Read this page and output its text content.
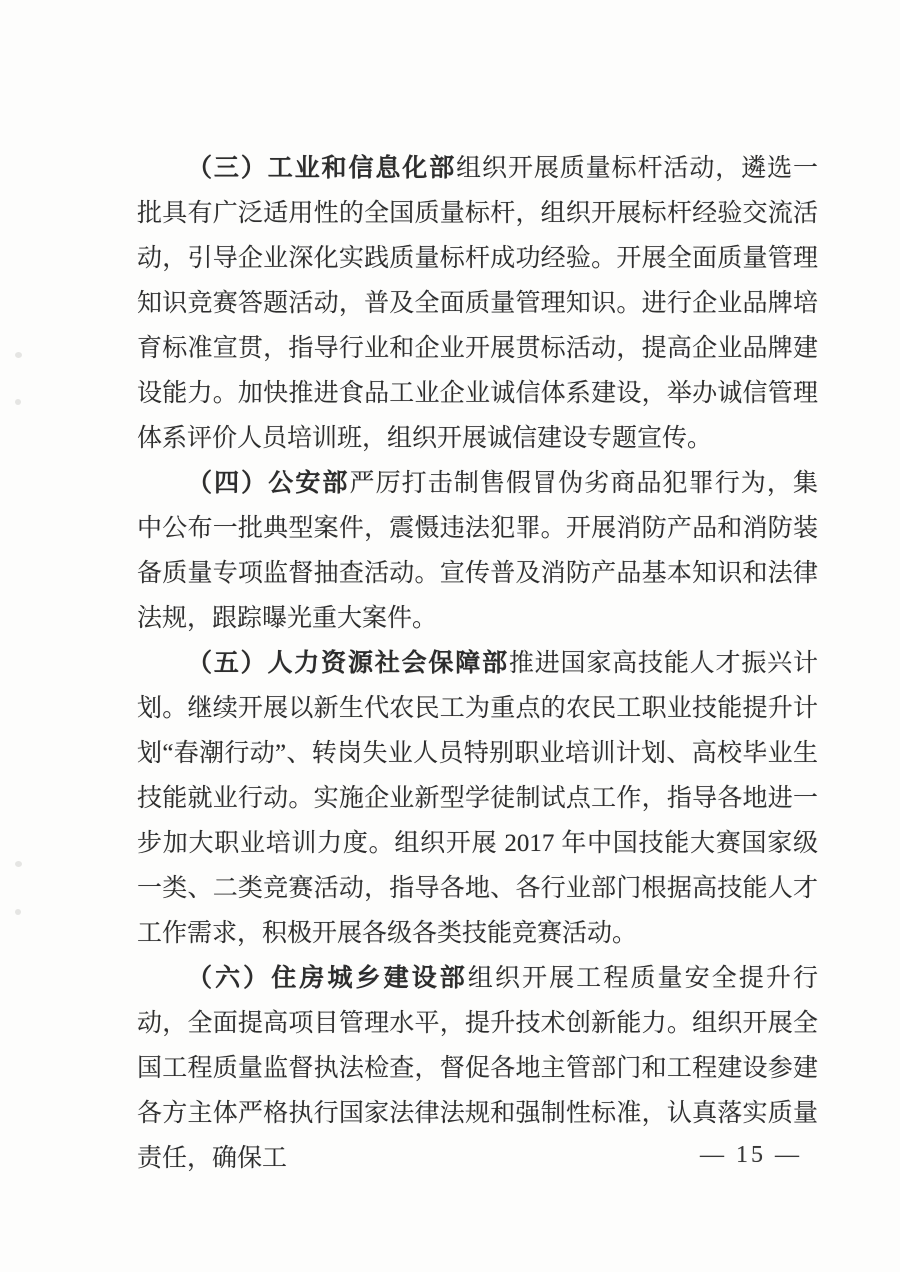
（三）工业和信息化部组织开展质量标杆活动，遴选一批具有广泛适用性的全国质量标杆，组织开展标杆经验交流活动，引导企业深化实践质量标杆成功经验。开展全面质量管理知识竞赛答题活动，普及全面质量管理知识。进行企业品牌培育标准宣贯，指导行业和企业开展贯标活动，提高企业品牌建设能力。加快推进食品工业企业诚信体系建设，举办诚信管理体系评价人员培训班，组织开展诚信建设专题宣传。

（四）公安部严厉打击制售假冒伪劣商品犯罪行为，集中公布一批典型案件，震慑违法犯罪。开展消防产品和消防装备质量专项监督抽查活动。宣传普及消防产品基本知识和法律法规，跟踪曝光重大案件。

（五）人力资源社会保障部推进国家高技能人才振兴计划。继续开展以新生代农民工为重点的农民工职业技能提升计划“春潮行动”、转岗失业人员特别职业培训计划、高校毕业生技能就业行动。实施企业新型学徒制试点工作，指导各地进一步加大职业培训力度。组织开展 2017 年中国技能大赛国家级一类、二类竞赛活动，指导各地、各行业部门根据高技能人才工作需求，积极开展各级各类技能竞赛活动。

（六）住房城乡建设部组织开展工程质量安全提升行动，全面提高项目管理水平，提升技术创新能力。组织开展全国工程质量监督执法检查，督促各地主管部门和工程建设参建各方主体严格执行国家法律法规和强制性标准，认真落实质量责任，确保工	— 15 —
